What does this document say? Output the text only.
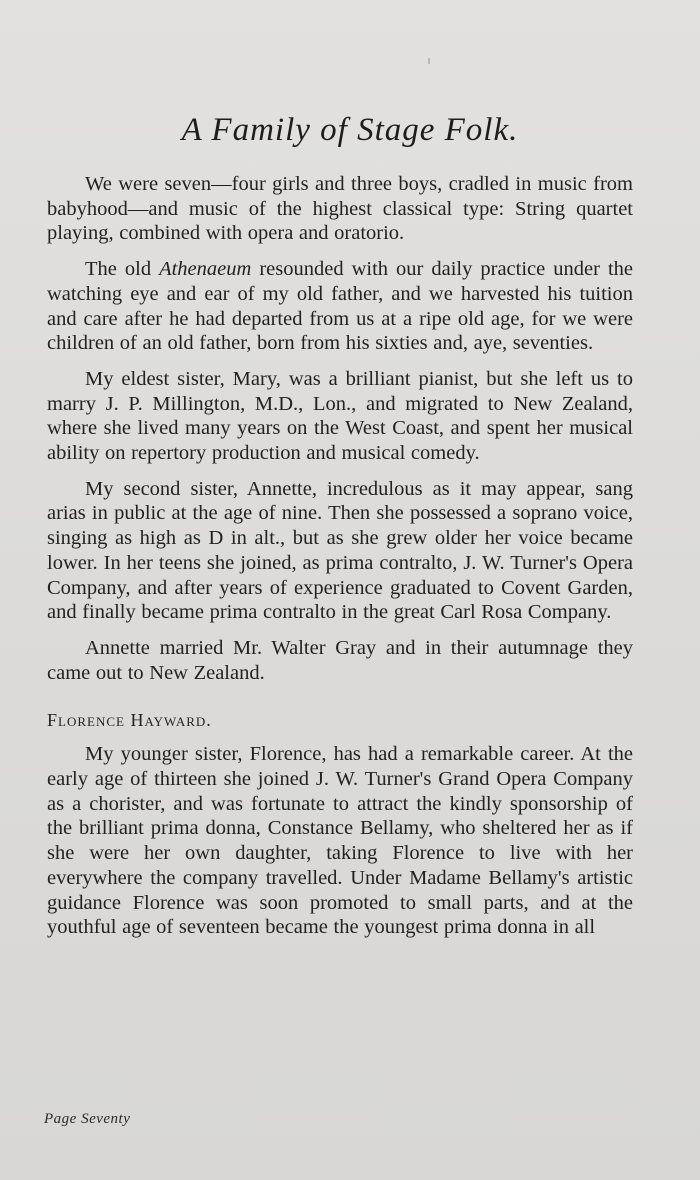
A Family of Stage Folk.

We were seven—four girls and three boys, cradled in music from babyhood—and music of the highest classical type: String quartet playing, combined with opera and oratorio.

The old Athenaeum resounded with our daily practice under the watching eye and ear of my old father, and we harvested his tuition and care after he had departed from us at a ripe old age, for we were children of an old father, born from his sixties and, aye, seventies.

My eldest sister, Mary, was a brilliant pianist, but she left us to marry J. P. Millington, M.D., Lon., and migrated to New Zealand, where she lived many years on the West Coast, and spent her musical ability on repertory production and musical comedy.

My second sister, Annette, incredulous as it may appear, sang arias in public at the age of nine. Then she possessed a soprano voice, singing as high as D in alt., but as she grew older her voice became lower. In her teens she joined, as prima contralto, J. W. Turner's Opera Company, and after years of experience graduated to Covent Garden, and finally became prima contralto in the great Carl Rosa Company.

Annette married Mr. Walter Gray and in their autumnage they came out to New Zealand.

Florence Hayward.

My younger sister, Florence, has had a remarkable career. At the early age of thirteen she joined J. W. Turner's Grand Opera Company as a chorister, and was fortunate to attract the kindly sponsorship of the brilliant prima donna, Constance Bellamy, who sheltered her as if she were her own daughter, taking Florence to live with her everywhere the company travelled. Under Madame Bellamy's artistic guidance Florence was soon promoted to small parts, and at the youthful age of seventeen became the youngest prima donna in all

Page Seventy
